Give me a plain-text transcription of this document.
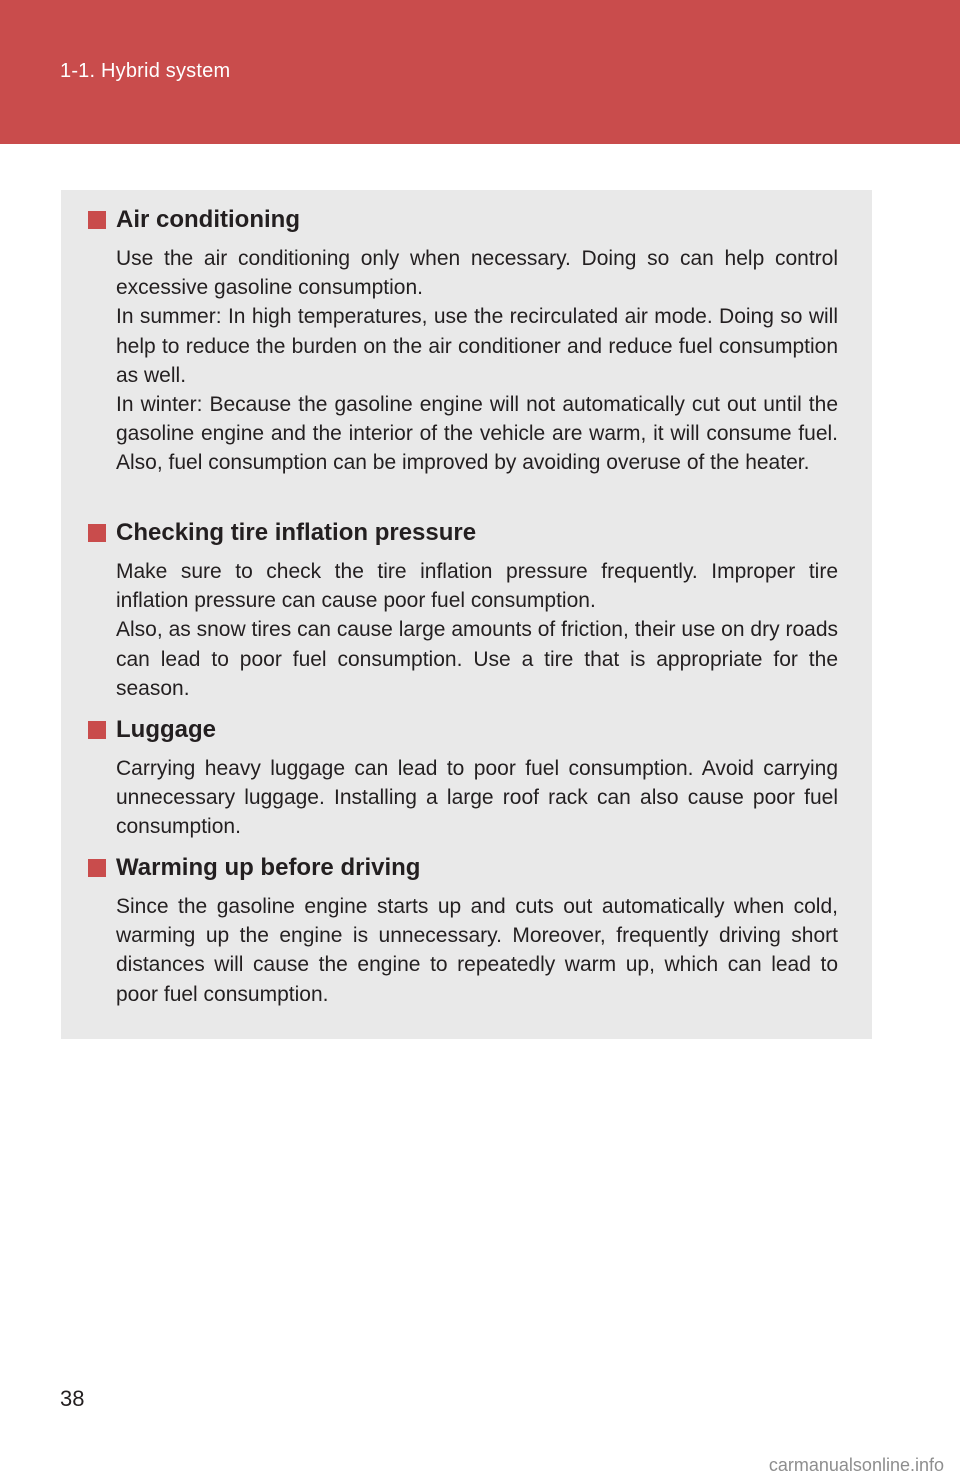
1-1. Hybrid system
Air conditioning
Use the air conditioning only when necessary. Doing so can help control excessive gasoline consumption.
In summer: In high temperatures, use the recirculated air mode. Doing so will help to reduce the burden on the air conditioner and reduce fuel consumption as well.
In winter: Because the gasoline engine will not automatically cut out until the gasoline engine and the interior of the vehicle are warm, it will consume fuel. Also, fuel consumption can be improved by avoiding overuse of the heater.
Checking tire inflation pressure
Make sure to check the tire inflation pressure frequently. Improper tire inflation pressure can cause poor fuel consumption.
Also, as snow tires can cause large amounts of friction, their use on dry roads can lead to poor fuel consumption. Use a tire that is appropriate for the season.
Luggage
Carrying heavy luggage can lead to poor fuel consumption. Avoid carrying unnecessary luggage. Installing a large roof rack can also cause poor fuel consumption.
Warming up before driving
Since the gasoline engine starts up and cuts out automatically when cold, warming up the engine is unnecessary. Moreover, frequently driving short distances will cause the engine to repeatedly warm up, which can lead to poor fuel consumption.
38
carmanualsonline.info
